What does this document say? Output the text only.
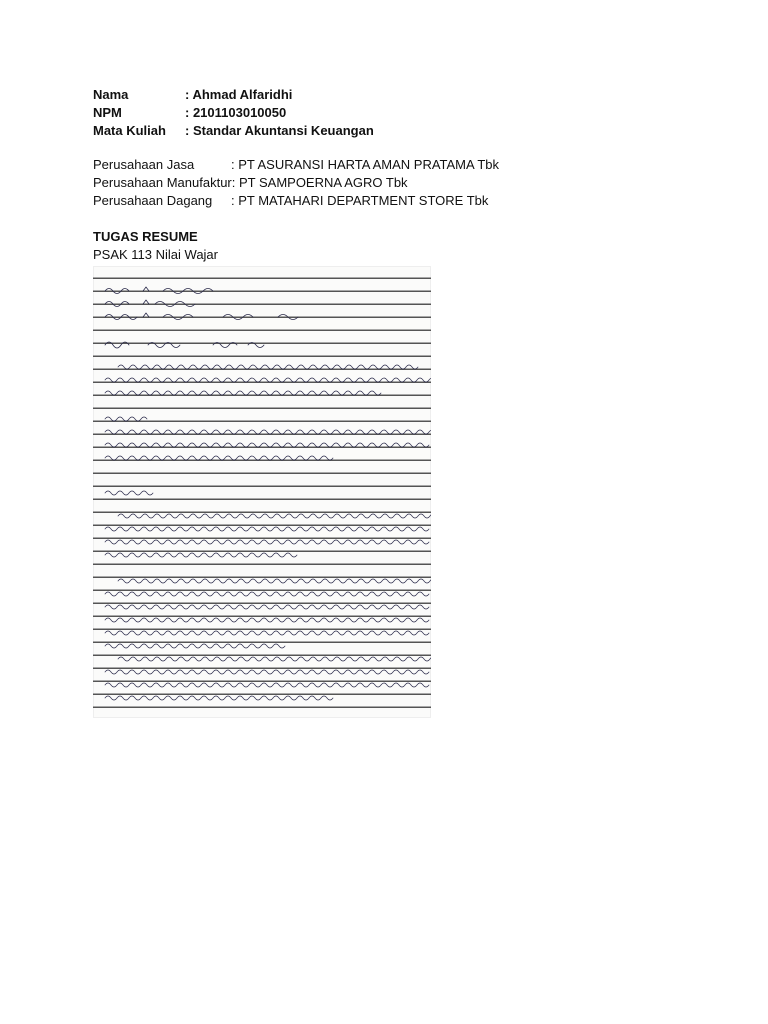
Nama	: Ahmad Alfaridhi
NPM	: 2101103010050
Mata Kuliah	: Standar Akuntansi Keuangan
Perusahaan Jasa	: PT ASURANSI HARTA AMAN PRATAMA Tbk
Perusahaan Manufaktur : PT SAMPOERNA AGRO Tbk
Perusahaan Dagang	: PT MATAHARI DEPARTMENT STORE Tbk
TUGAS RESUME
PSAK 113 Nilai Wajar
